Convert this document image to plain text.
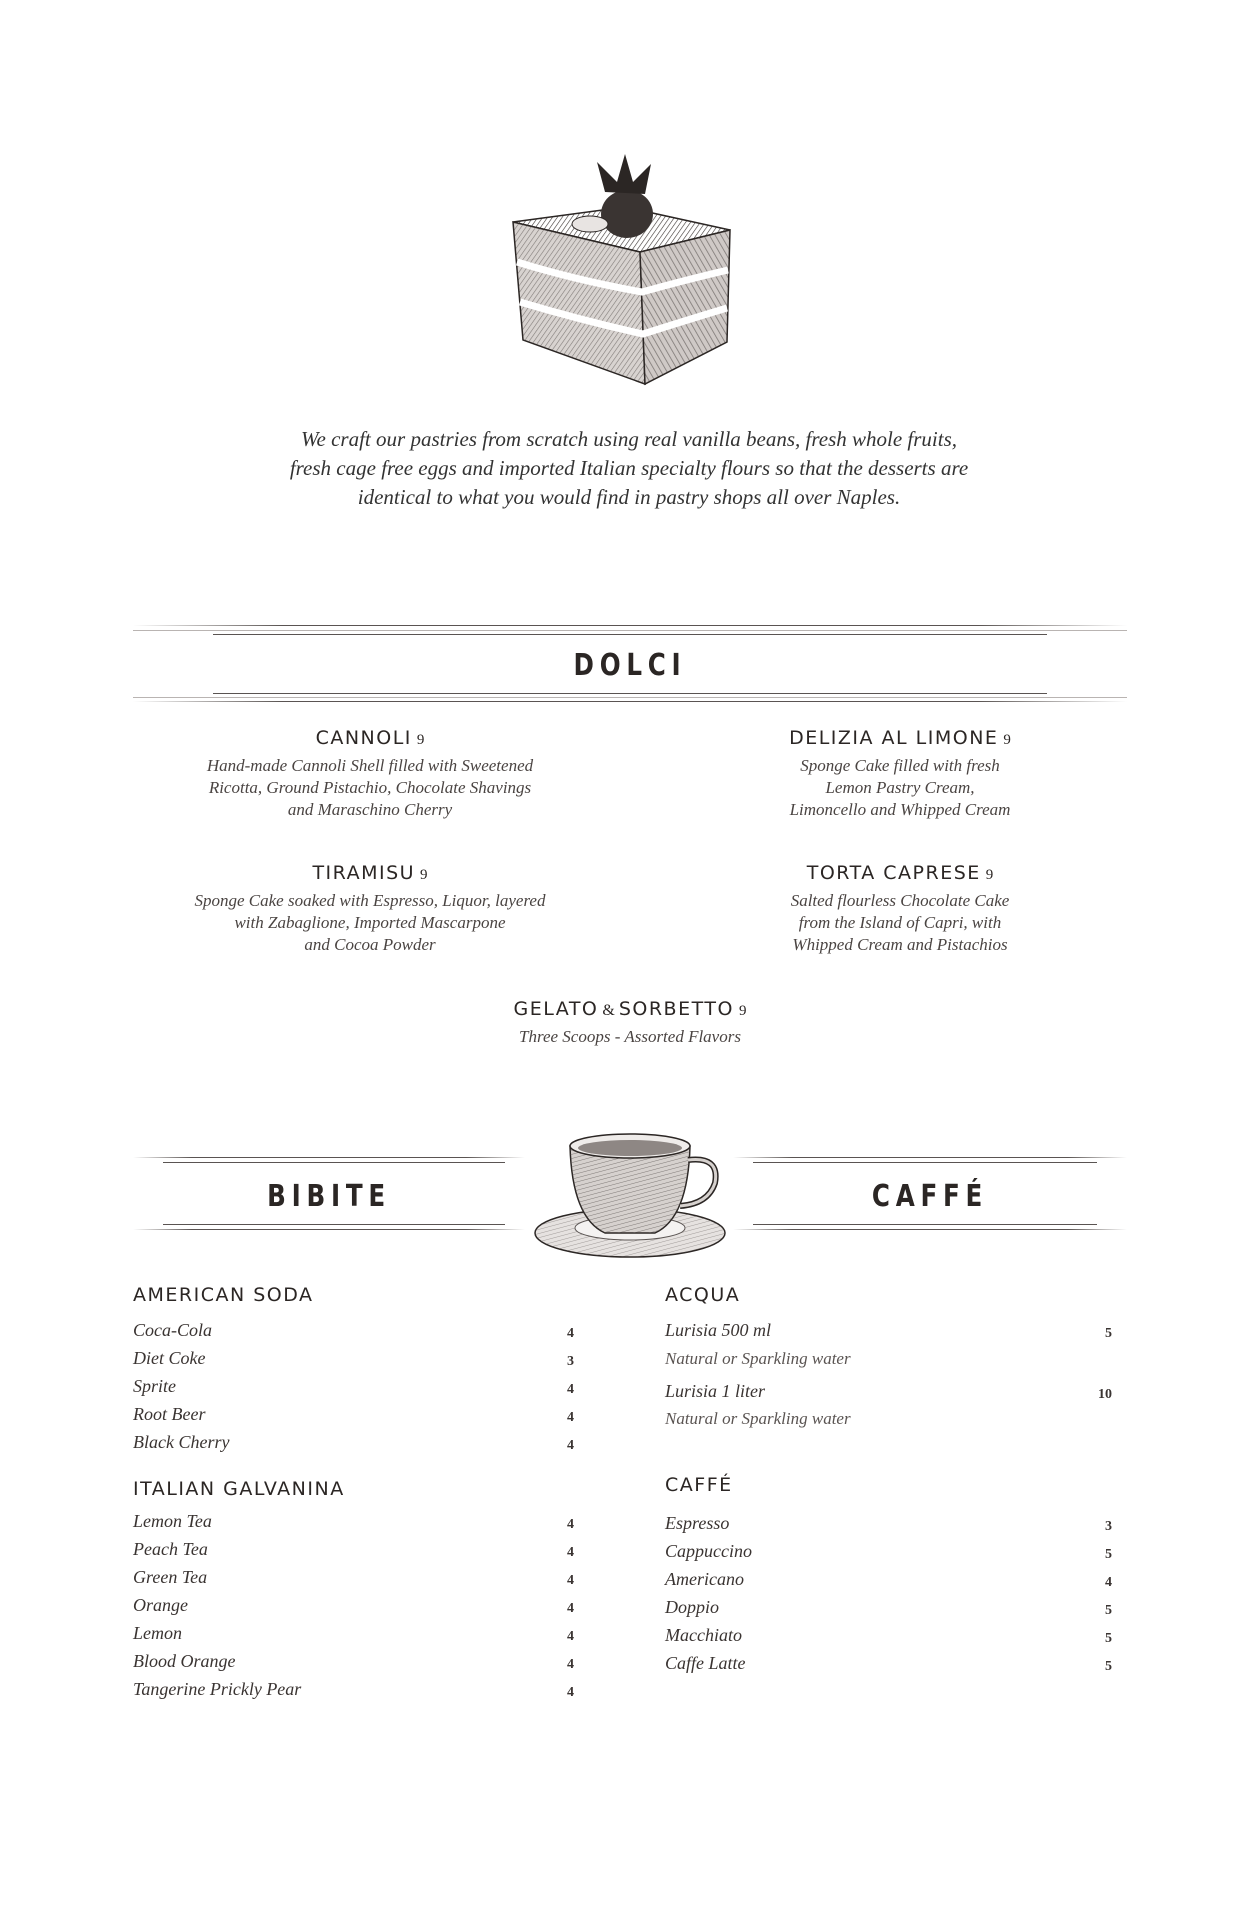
We craft our pastries from scratch using real vanilla beans, fresh whole fruits,
fresh cage free eggs and imported Italian specialty flours so that the desserts are
identical to what you would find in pastry shops all over Naples.
DOLCI
CANNOLI 9
Hand-made Cannoli Shell filled with Sweetened
Ricotta, Ground Pistachio, Chocolate Shavings
and Maraschino Cherry
DELIZIA AL LIMONE 9
Sponge Cake filled with fresh
Lemon Pastry Cream,
Limoncello and Whipped Cream
TIRAMISU 9
Sponge Cake soaked with Espresso, Liquor, layered
with Zabaglione, Imported Mascarpone
and Cocoa Powder
TORTA CAPRESE 9
Salted flourless Chocolate Cake
from the Island of Capri, with
Whipped Cream and Pistachios
GELATO & SORBETTO 9
Three Scoops - Assorted Flavors
BIBITE	CAFFÉ
AMERICAN SODA
Coca-Cola	4
Diet Coke	3
Sprite	4
Root Beer	4
Black Cherry	4
ITALIAN GALVANINA
Lemon Tea	4
Peach Tea	4
Green Tea	4
Orange	4
Lemon	4
Blood Orange	4
Tangerine Prickly Pear	4
ACQUA
Lurisia 500 ml	5
Natural or Sparkling water
Lurisia 1 liter	10
Natural or Sparkling water
CAFFÉ
Espresso	3
Cappuccino	5
Americano	4
Doppio	5
Macchiato	5
Caffe Latte	5
